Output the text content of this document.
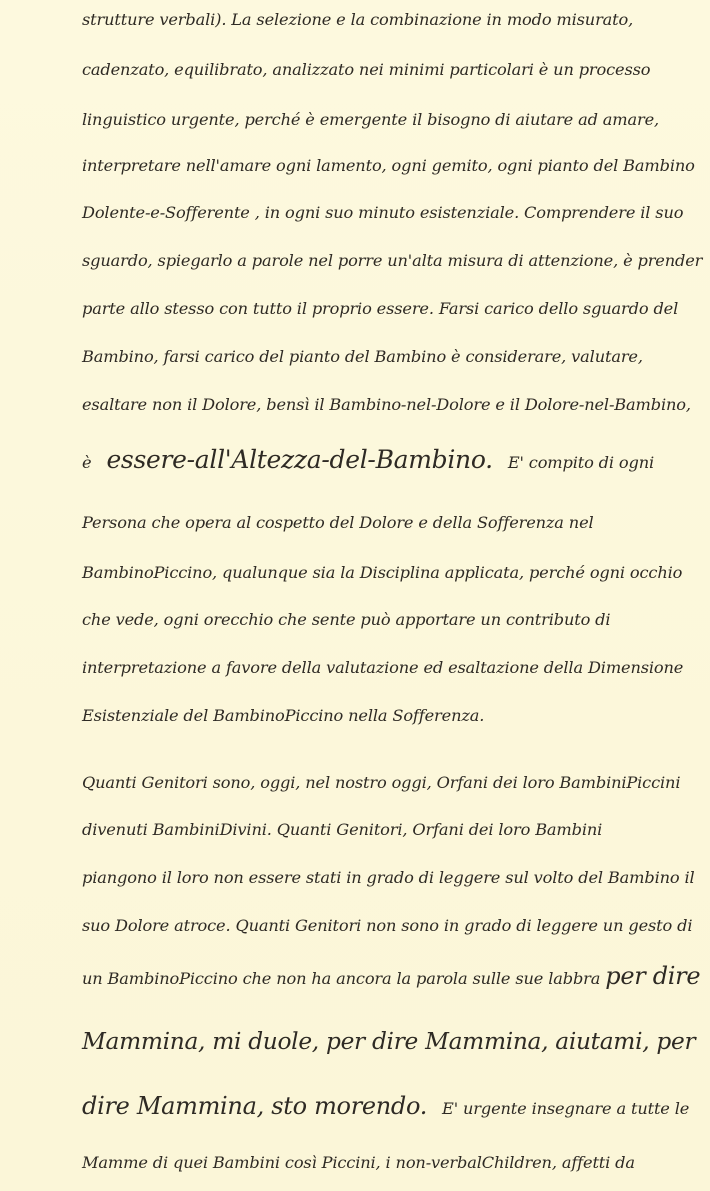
strutture verbali). La selezione e la combinazione in modo misurato,
cadenzato, equilibrato, analizzato nei minimi particolari è un processo
linguistico urgente, perché è emergente il bisogno di aiutare ad amare,
interpretare nell'amare ogni lamento, ogni gemito, ogni pianto del Bambino
Dolente-e-Sofferente , in ogni suo minuto esistenziale. Comprendere il suo
sguardo, spiegarlo a parole nel porre un'alta misura di attenzione, è prender
parte allo stesso con tutto il proprio essere. Farsi carico dello sguardo del
Bambino, farsi carico del pianto del Bambino è considerare, valutare,
esaltare non il Dolore, bensì il Bambino-nel-Dolore e il Dolore-nel-Bambino,
è essere-all'Altezza-del-Bambino. E' compito di ogni
Persona che opera al cospetto del Dolore e della Sofferenza nel
BambinoPiccino, qualunque sia la Disciplina applicata, perché ogni occhio
che vede, ogni orecchio che sente può apportare un contributo di
interpretazione a favore della valutazione ed esaltazione della Dimensione
Esistenziale del BambinoPiccino nella Sofferenza.
Quanti Genitori sono, oggi, nel nostro oggi, Orfani dei loro BambiniPiccini
divenuti BambiniDivini. Quanti Genitori, Orfani dei loro Bambini
piangono il loro non essere stati in grado di leggere sul volto del Bambino il
suo Dolore atroce. Quanti Genitori non sono in grado di leggere un gesto di
un BambinoPiccino che non ha ancora la parola sulle sue labbra per dire
Mammina, mi duole, per dire Mammina, aiutami, per
dire Mammina, sto morendo. E' urgente insegnare a tutte le
Mamme di quei Bambini così Piccini, i non-verbalChildren, affetti da
